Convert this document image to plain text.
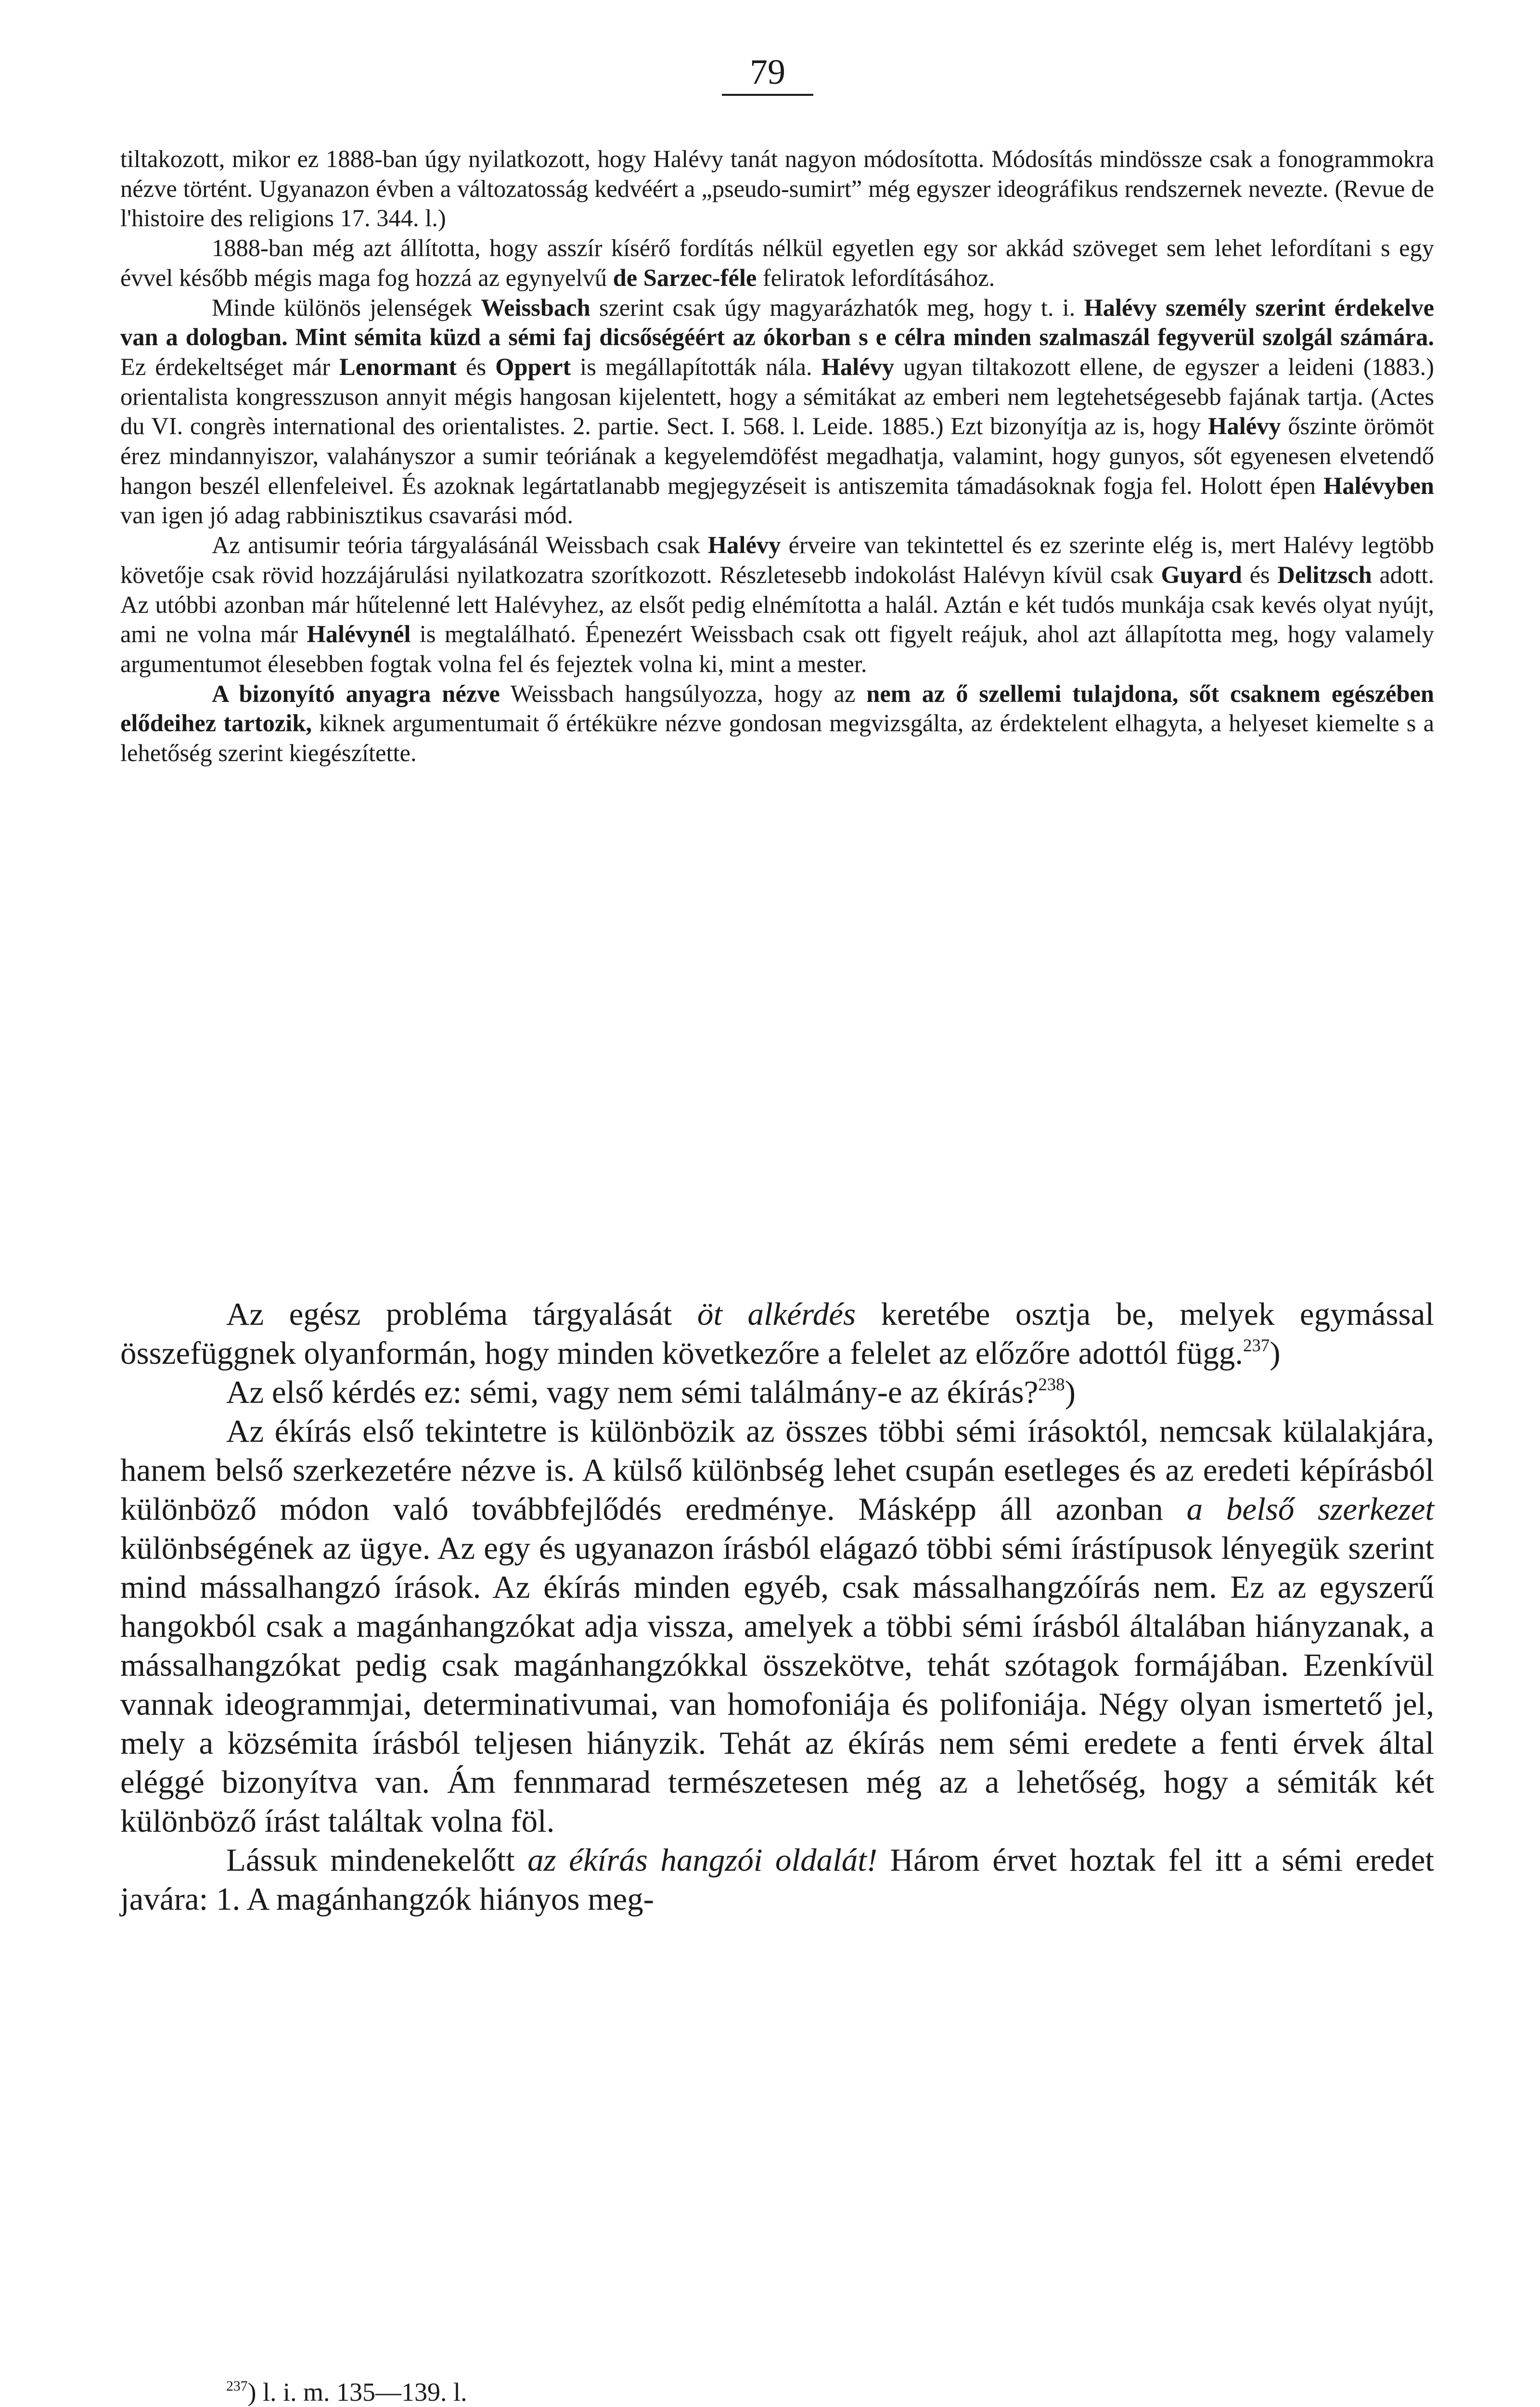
79

tiltakozott, mikor ez 1888-ban úgy nyilatkozott, hogy Halévy tanát nagyon módosította. Módosítás mindössze csak a fonogrammokra nézve történt. Ugyanazon évben a változatosság kedvéért a „pseudo-sumirt” még egyszer ideográfikus rendszernek nevezte. (Revue de l'histoire des religions 17. 344. l.)

1888-ban még azt állította, hogy asszír kísérő fordítás nélkül egyetlen egy sor akkád szöveget sem lehet lefordítani s egy évvel később mégis maga fog hozzá az egynyelvű de Sarzec-féle feliratok lefordításához.

Minde különös jelenségek Weissbach szerint csak úgy magyarázhatók meg, hogy t. i. Halévy személy szerint érdekelve van a dologban. Mint sémita küzd a sémi faj dicsőségéért az ókorban s e célra minden szalmaszál fegyverül szolgál számára. Ez érdekeltséget már Lenormant és Oppert is megállapították nála. Halévy ugyan tiltakozott ellene, de egyszer a leideni (1883.) orientalista kongresszuson annyit mégis hangosan kijelentett, hogy a sémitákat az emberi nem legtehetségesebb fajának tartja. (Actes du VI. congrès international des orientalistes. 2. partie. Sect. I. 568. l. Leide. 1885.) Ezt bizonyítja az is, hogy Halévy őszinte örömöt érez mindannyiszor, valahányszor a sumir teóriának a kegyelemdöfést megadhatja, valamint, hogy gunyos, sőt egyenesen elvetendő hangon beszél ellenfeleivel. És azoknak legártatlanabb megjegyzéseit is antiszemita támadásoknak fogja fel. Holott épen Halévyben van igen jó adag rabbinisztikus csavarási mód.

Az antisumir teória tárgyalásánál Weissbach csak Halévy érveire van tekintettel és ez szerinte elég is, mert Halévy legtöbb követője csak rövid hozzájárulási nyilatkozatra szorítkozott. Részletesebb indokolást Halévyn kívül csak Guyard és Delitzsch adott. Az utóbbi azonban már hűtelenné lett Halévyhez, az elsőt pedig elnémította a halál. Aztán e két tudós munkája csak kevés olyat nyújt, ami ne volna már Halévynél is megtalálható. Épenezért Weissbach csak ott figyelt reájuk, ahol azt állapította meg, hogy valamely argumentumot élesebben fogtak volna fel és fejeztek volna ki, mint a mester.

A bizonyító anyagra nézve Weissbach hangsúlyozza, hogy az nem az ő szellemi tulajdona, sőt csaknem egészében elődeihez tartozik, kiknek argumentumait ő értékükre nézve gondosan megvizsgálta, az érdektelent elhagyta, a helyeset kiemelte s a lehetőség szerint kiegészítette.

Az egész probléma tárgyalását öt alkérdés keretébe osztja be, melyek egymással összefüggnek olyanformán, hogy minden következőre a felelet az előzőre adottól függ.$^{237}$)

Az első kérdés ez: sémi, vagy nem sémi találmány-e az ékírás?$^{238}$)

Az ékírás első tekintetre is különbözik az összes többi sémi írásoktól, nemcsak külalakjára, hanem belső szerkezetére nézve is. A külső különbség lehet csupán esetleges és az eredeti képírásból különböző módon való továbbfejlődés eredménye. Másképp áll azonban a belső szerkezet különbségének az ügye. Az egy és ugyanazon írásból elágazó többi sémi írástípusok lényegük szerint mind mássalhangzó írások. Az ékírás minden egyéb, csak mássalhangzóírás nem. Ez az egyszerű hangokból csak a magánhangzókat adja vissza, amelyek a többi sémi írásból általában hiányzanak, a mássalhangzókat pedig csak magánhangzókkal összekötve, tehát szótagok formájában. Ezenkívül vannak ideogrammjai, determinativumai, van homofoniája és polifoniája. Négy olyan ismertető jel, mely a közsémita írásból teljesen hiányzik. Tehát az ékírás nem sémi eredete a fenti érvek által eléggé bizonyítva van. Ám fennmarad természetesen még az a lehetőség, hogy a sémiták két különböző írást találtak volna föl.

Lássuk mindenekelőtt az ékírás hangzói oldalát! Három érvet hoztak fel itt a sémi eredet javára: 1. A magánhangzók hiányos meg-

$^{237}$) l. i. m. 135—139. l.
